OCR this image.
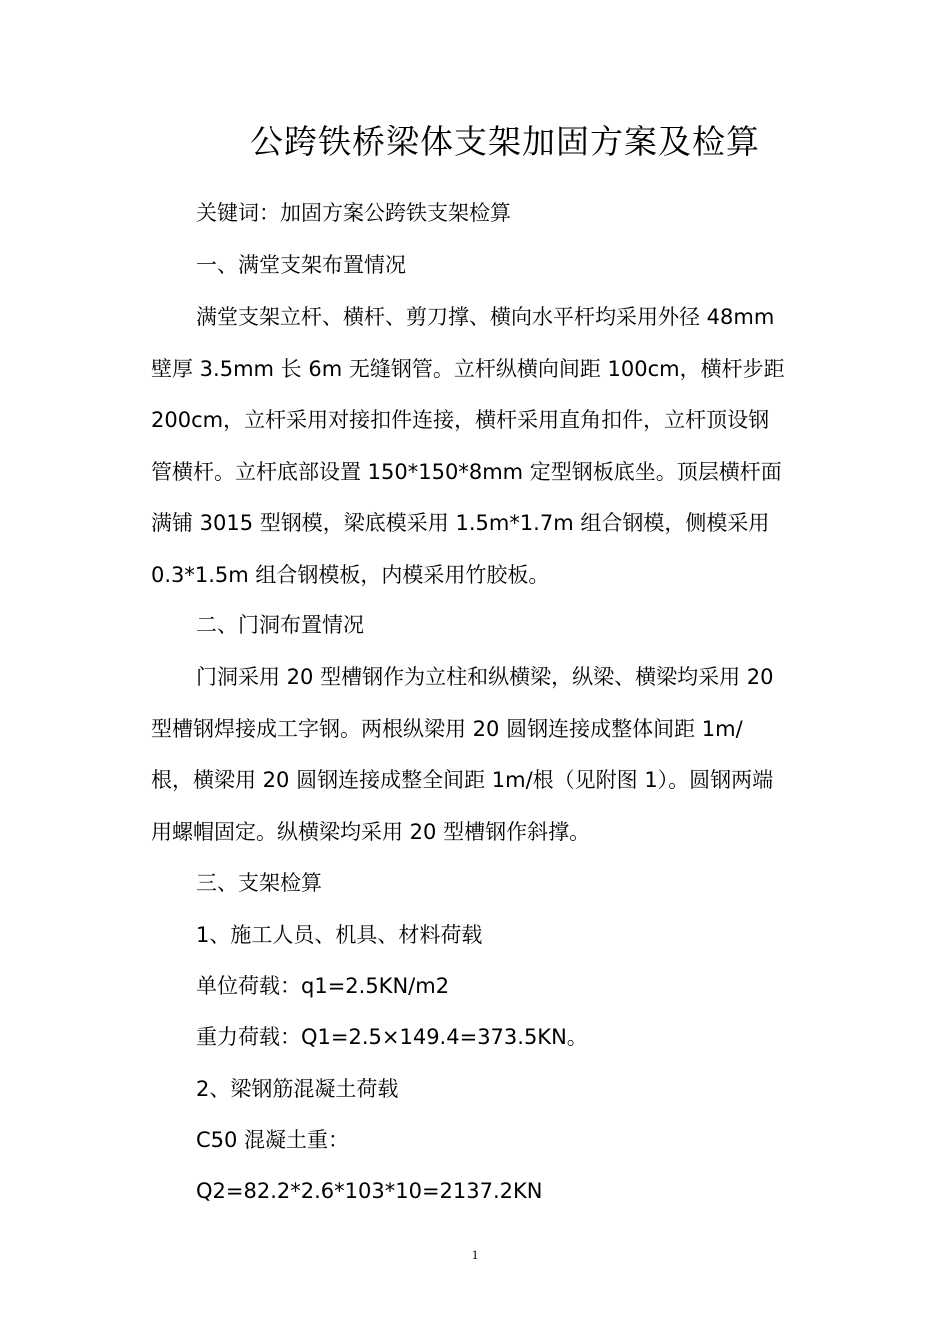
公跨铁桥梁体支架加固方案及检算

关键词：加固方案公跨铁支架检算

一、满堂支架布置情况

满堂支架立杆、横杆、剪刀撑、横向水平杆均采用外径 48mm
壁厚 3.5mm 长 6m 无缝钢管。立杆纵横向间距 100cm，横杆步距
200cm，立杆采用对接扣件连接，横杆采用直角扣件，立杆顶设钢
管横杆。立杆底部设置 150*150*8mm 定型钢板底坐。顶层横杆面
满铺 3015 型钢模，梁底模采用 1.5m*1.7m 组合钢模，侧模采用
0.3*1.5m 组合钢模板，内模采用竹胶板。

二、门洞布置情况

门洞采用 20 型槽钢作为立柱和纵横梁，纵梁、横梁均采用 20
型槽钢焊接成工字钢。两根纵梁用 20 圆钢连接成整体间距 1m/
根，横梁用 20 圆钢连接成整全间距 1m/根（见附图 1）。圆钢两端
用螺帽固定。纵横梁均采用 20 型槽钢作斜撑。

三、支架检算

1、施工人员、机具、材料荷载

单位荷载：q1=2.5KN/m2

重力荷载：Q1=2.5×149.4=373.5KN。

2、梁钢筋混凝土荷载

C50 混凝土重：

Q2=82.2*2.6*103*10=2137.2KN

1
